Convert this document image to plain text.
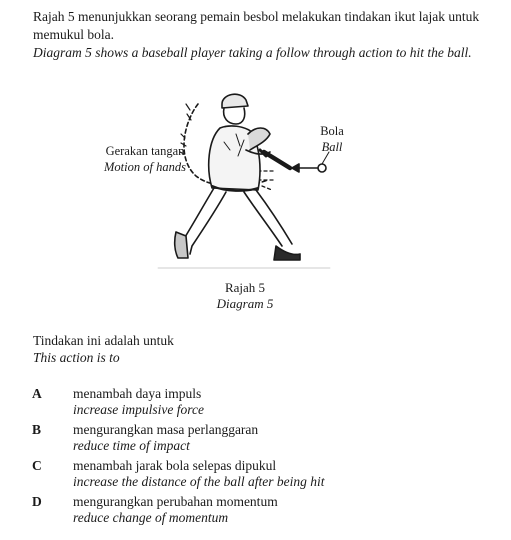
Rajah 5 menunjukkan seorang pemain besbol melakukan tindakan ikut lajak untuk
memukul bola.
Diagram 5 shows a baseball player taking a follow through action to hit the ball.
Gerakan tangan
Motion of hands
Bola
Ball
Rajah 5
Diagram 5
Tindakan ini adalah untuk
This action is to
A menambah daya impuls
increase impulsive force
B mengurangkan masa perlanggaran
reduce time of impact
C menambah jarak bola selepas dipukul
increase the distance of the ball after being hit
D mengurangkan perubahan momentum
reduce change of momentum
